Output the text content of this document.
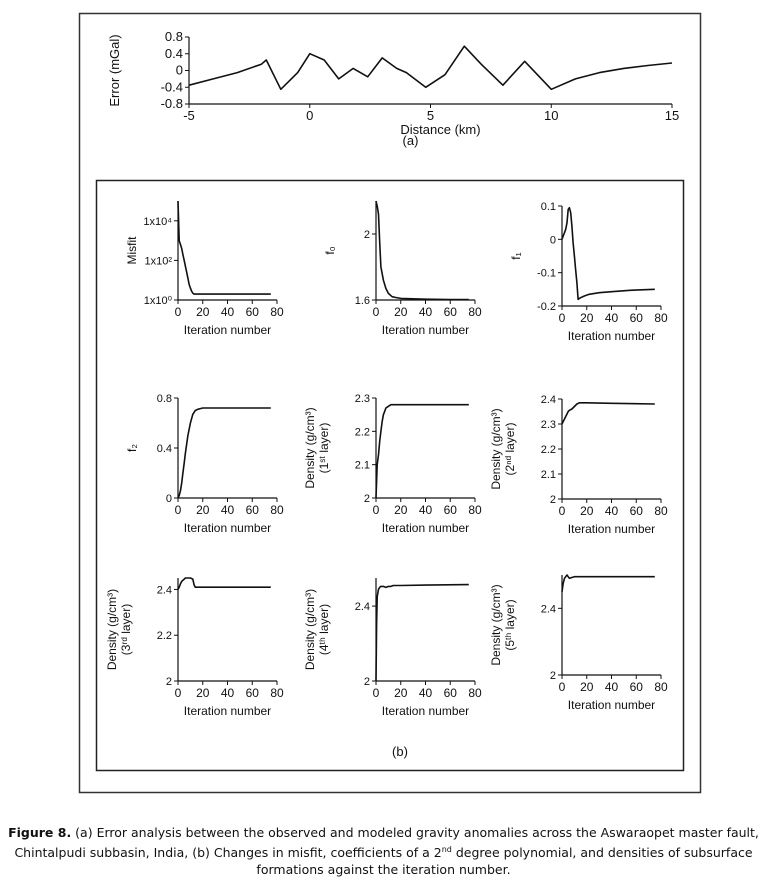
-5	0	5	10	15
0.8
0.4
0
-0.4
-0.8
Distance (km)
Error (mGal)
(a)
0 20 40 60 80
1x10⁰
1x10²
1x10⁴
Iteration number
Misfit
0 20 40 60 80
1.6
2
Iteration number
f₀
0 20 40 60 80
0.1
0
-0.1
-0.2
Iteration number
f₁
0 20 40 60 80
0
0.4
0.8
Iteration number
f₂
0 20 40 60 80
2
2.1
2.2
2.3
Iteration number
Density (g/cm³) (1ˢᵗ layer)
0 20 40 60 80
2
2.1
2.2
2.3
2.4
Iteration number
Density (g/cm³) (2ⁿᵈ layer)
0 20 40 60 80
2
2.2
2.4
Iteration number
Density (g/cm³) (3ʳᵈ layer)
0 20 40 60 80
2
2.4
Iteration number
Density (g/cm³) (4ᵗʰ layer)
0 20 40 60 80
2
2.4
Iteration number
Density (g/cm³) (5ᵗʰ layer)
(b)
Figure 8. (a) Error analysis between the observed and modeled gravity anomalies across the Aswaraopet master fault, Chintalpudi subbasin, India, (b) Changes in misfit, coefficients of a 2nd degree polynomial, and densities of subsurface formations against the iteration number.
